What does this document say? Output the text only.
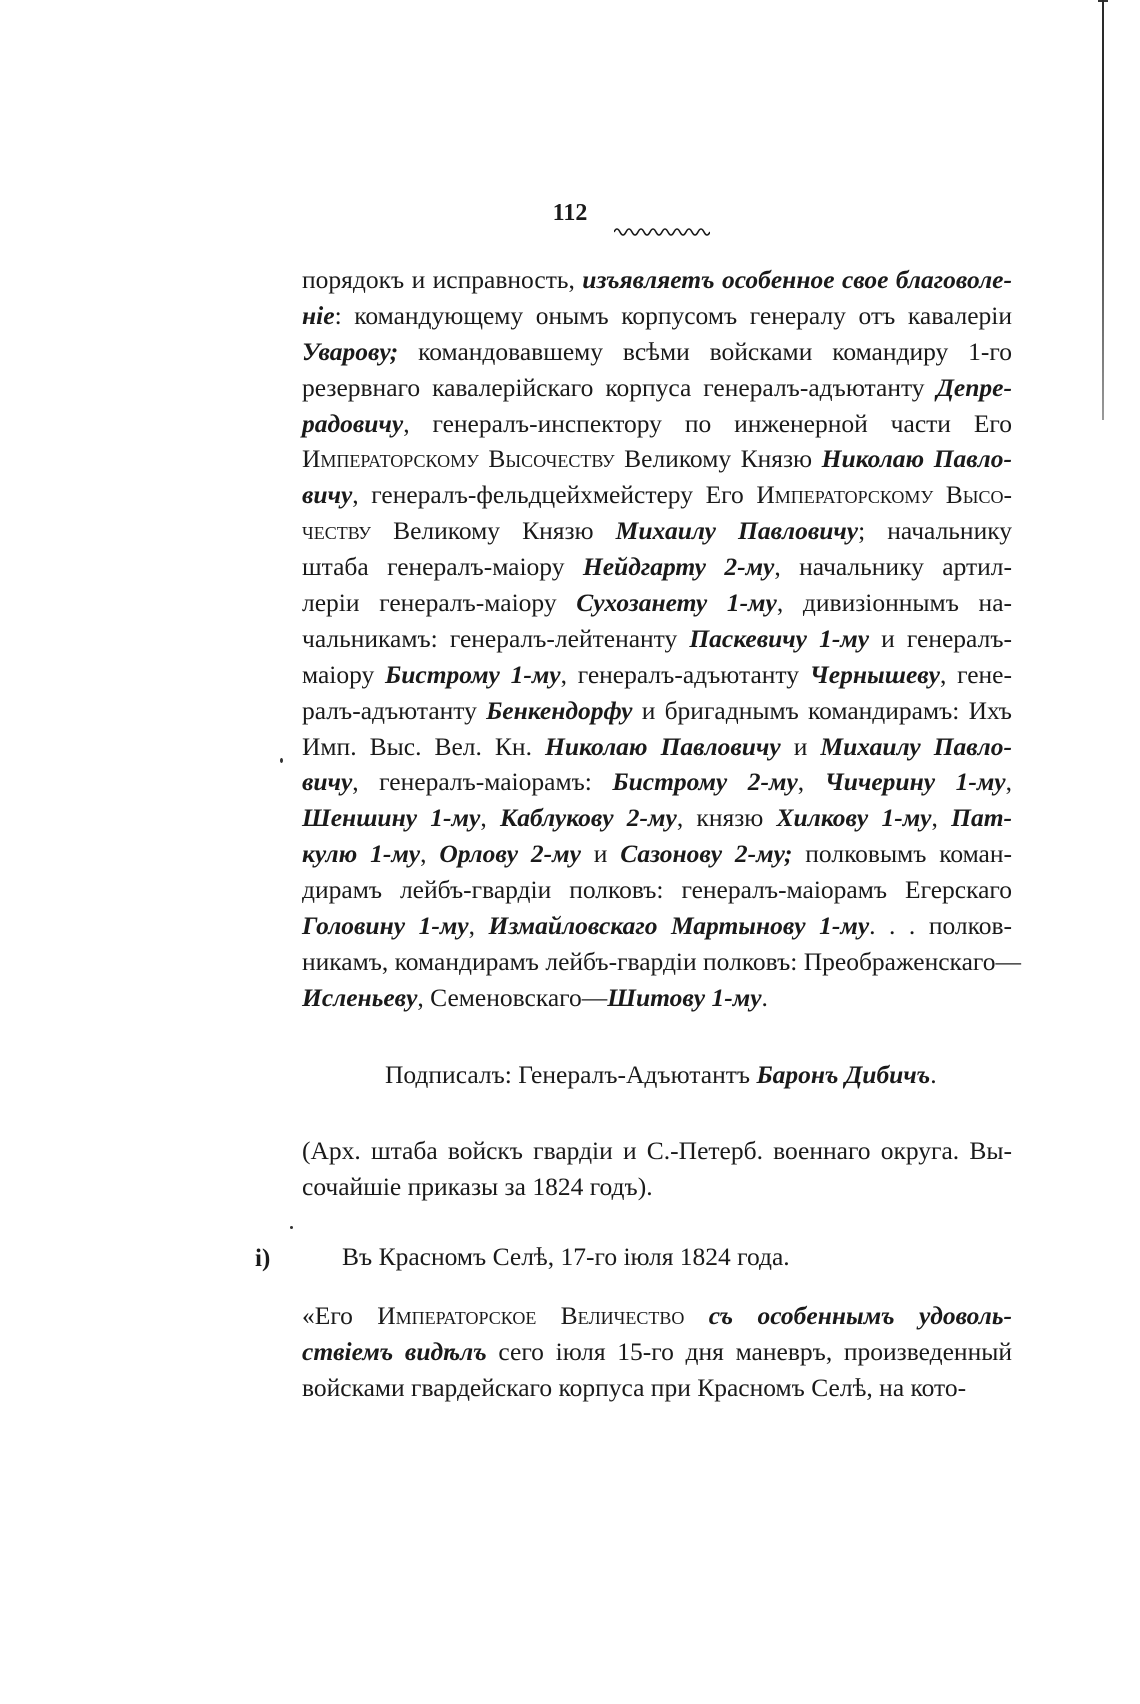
112
порядокъ и исправность, изъявляетъ особенное свое благоволе-
ніе: командующему онымъ корпусомъ генералу отъ кавалеріи
Уварову; командовавшему всѣми войсками командиру 1-го
резервнаго кавалерійскаго корпуса генералъ-адъютанту Депре-
радовичу, генералъ-инспектору по инженерной части Его
Императорскому Высочеству Великому Князю Николаю Павло-
вичу, генералъ-фельдцейхмейстеру Его Императорскому Высо-
честву Великому Князю Михаилу Павловичу; начальнику
штаба генералъ-маіору Нейдгарту 2-му, начальнику артил-
леріи генералъ-маіору Сухозанету 1-му, дивизіоннымъ на-
чальникамъ: генералъ-лейтенанту Паскевичу 1-му и генералъ-
маіору Бистрому 1-му, генералъ-адъютанту Чернышеву, гене-
ралъ-адъютанту Бенкендорфу и бригаднымъ командирамъ: Ихъ
Имп. Выс. Вел. Кн. Николаю Павловичу и Михаилу Павло-
вичу, генералъ-маіорамъ: Бистрому 2-му, Чичерину 1-му,
Шеншину 1-му, Каблукову 2-му, князю Хилкову 1-му, Пат-
кулю 1-му, Орлову 2-му и Сазонову 2-му; полковымъ коман-
дирамъ лейбъ-гвардіи полковъ: генералъ-маіорамъ Егерскаго
Головину 1-му, Измайловскаго Мартынову 1-му. . . полков-
никамъ, командирамъ лейбъ-гвардіи полковъ: Преображенскаго—
Исленьеву, Семеновскаго—Шитову 1-му.
Подписалъ: Генералъ-Адъютантъ Баронъ Дибичъ.
(Арх. штаба войскъ гвардіи и С.-Петерб. военнаго округа. Вы-
сочайшіе приказы за 1824 годъ).
i)	Въ Красномъ Селѣ, 17-го іюля 1824 года.
«Его Императорское Величество съ особеннымъ удоволь-
ствіемъ видѣлъ сего іюля 15-го дня маневръ, произведенный
войсками гвардейскаго корпуса при Красномъ Селѣ, на кото-
